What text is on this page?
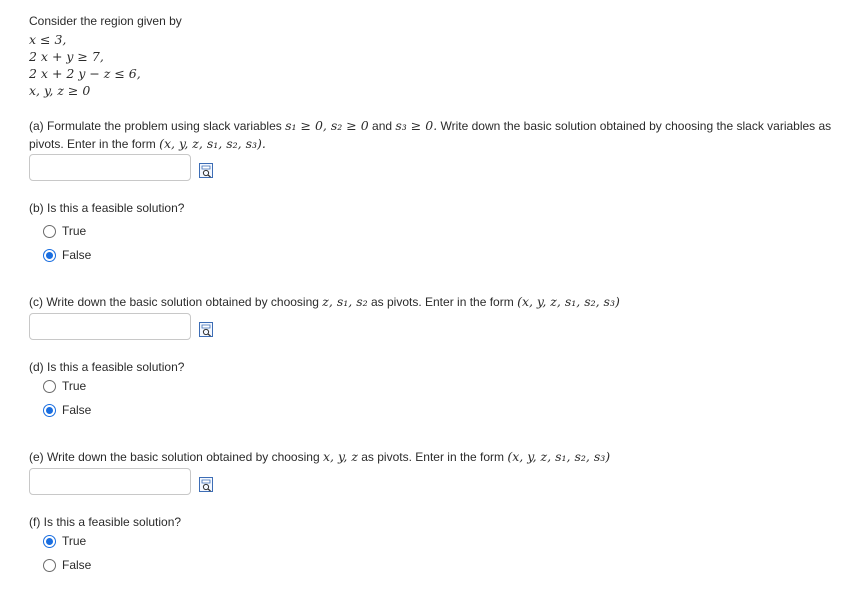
Consider the region given by
x ≤ 3,
2 x + y ≥ 7,
2 x + 2 y − z ≤ 6,
x, y, z ≥ 0
(a) Formulate the problem using slack variables s₁ ≥ 0, s₂ ≥ 0 and s₃ ≥ 0. Write down the basic solution obtained by choosing the slack variables as
pivots. Enter in the form (x, y, z, s₁, s₂, s₃).
(b) Is this a feasible solution?
True
False
(c) Write down the basic solution obtained by choosing z, s₁, s₂ as pivots. Enter in the form (x, y, z, s₁, s₂, s₃)
(d) Is this a feasible solution?
True
False
(e) Write down the basic solution obtained by choosing x, y, z as pivots. Enter in the form (x, y, z, s₁, s₂, s₃)
(f) Is this a feasible solution?
True
False
